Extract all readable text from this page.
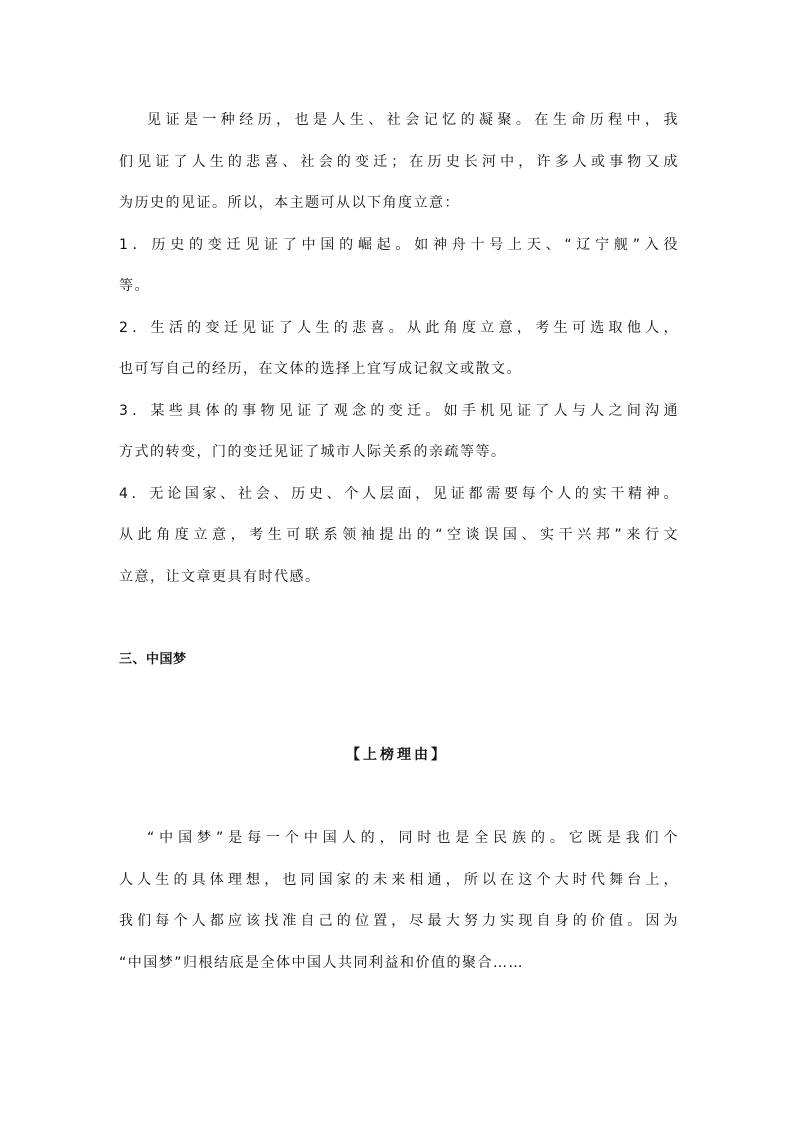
见证是一种经历，也是人生、社会记忆的凝聚。在生命历程中，我
们见证了人生的悲喜、社会的变迁；在历史长河中，许多人或事物又成
为历史的见证。所以，本主题可从以下角度立意：
1．历史的变迁见证了中国的崛起。如神舟十号上天、“辽宁舰”入役
等。
2．生活的变迁见证了人生的悲喜。从此角度立意，考生可选取他人，
也可写自己的经历，在文体的选择上宜写成记叙文或散文。
3．某些具体的事物见证了观念的变迁。如手机见证了人与人之间沟通
方式的转变，门的变迁见证了城市人际关系的亲疏等等。
4．无论国家、社会、历史、个人层面，见证都需要每个人的实干精神。
从此角度立意，考生可联系领袖提出的“空谈误国、实干兴邦”来行文
立意，让文章更具有时代感。
三、中国梦
【上榜理由】
“中国梦”是每一个中国人的，同时也是全民族的。它既是我们个
人人生的具体理想，也同国家的未来相通，所以在这个大时代舞台上，
我们每个人都应该找准自己的位置，尽最大努力实现自身的价值。因为
“中国梦”归根结底是全体中国人共同利益和价值的聚合……
